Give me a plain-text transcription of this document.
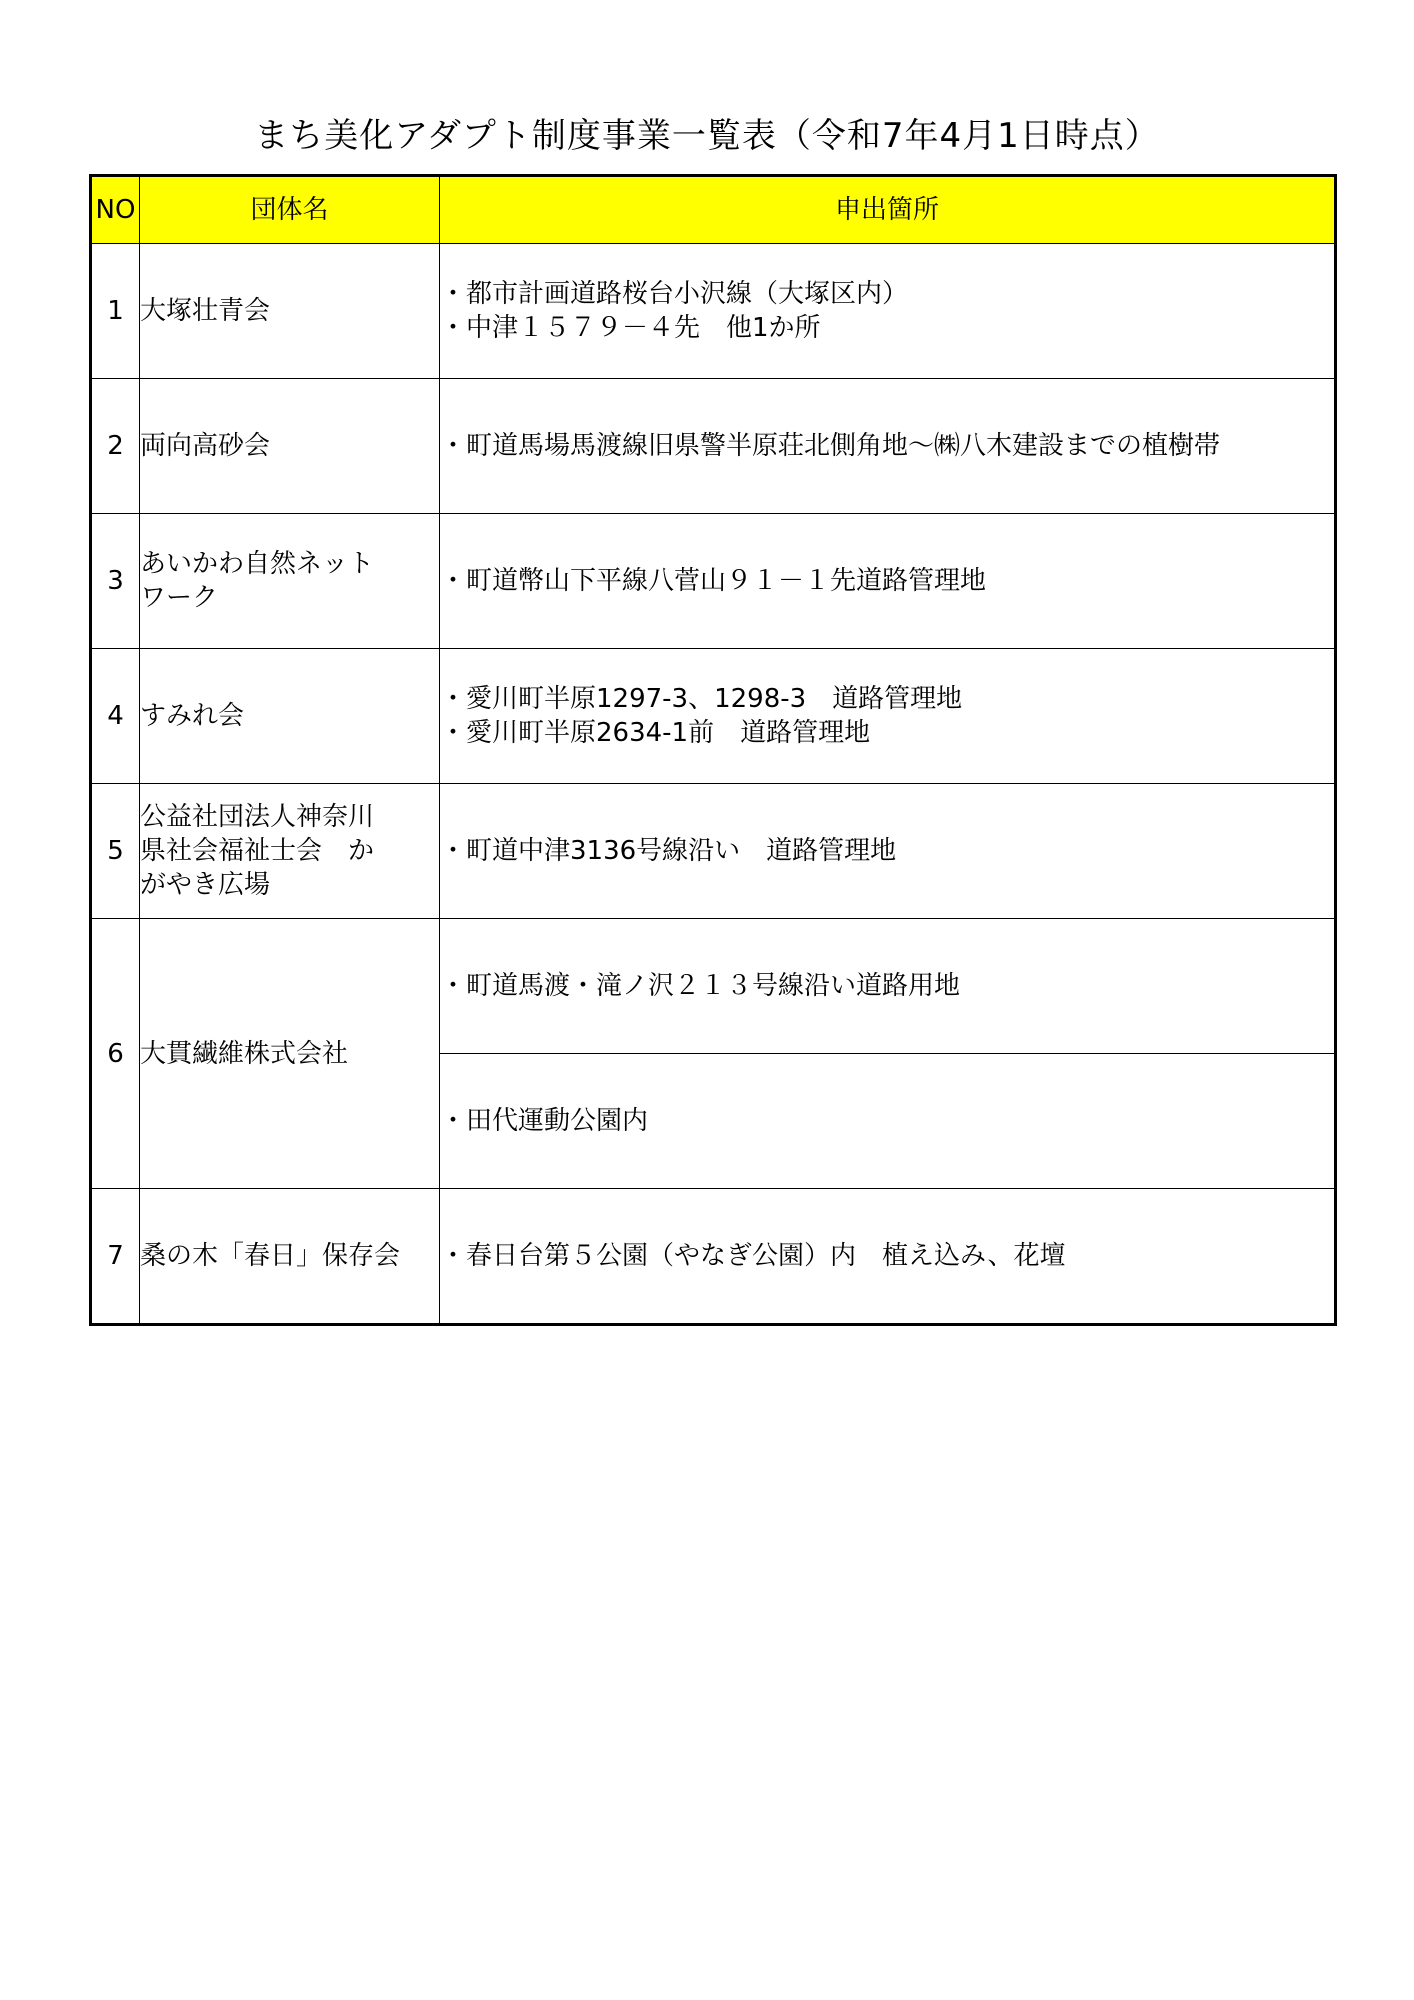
まち美化アダプト制度事業一覧表（令和7年4月1日時点）
NO	団体名	申出箇所
1	大塚壮青会	・都市計画道路桜台小沢線（大塚区内）
・中津１５７９－４先　他1か所

2	両向高砂会	・町道馬場馬渡線旧県警半原荘北側角地～㈱八木建設までの植樹帯

3	あいかわ自然ネット
ワーク	・町道幣山下平線八菅山９１－１先道路管理地

4	すみれ会	・愛川町半原1297-3、1298-3　道路管理地
・愛川町半原2634-1前　道路管理地

5	公益社団法人神奈川
県社会福祉士会　か
がやき広場	・町道中津3136号線沿い　道路管理地

6	大貫繊維株式会社	・町道馬渡・滝ノ沢２１３号線沿い道路用地

		・田代運動公園内

7	桑の木「春日」保存会	・春日台第５公園（やなぎ公園）内　植え込み、花壇
